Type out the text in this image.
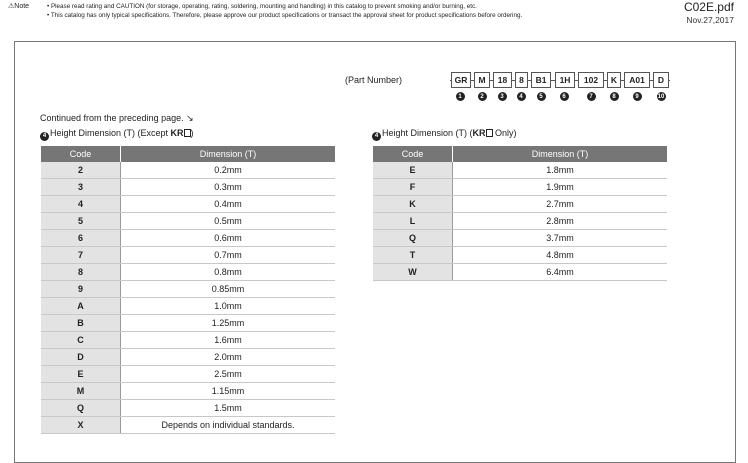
⚠Note	• Please read rating and CAUTION (for storage, operating, rating, soldering, mounting and handling) in this catalog to prevent smoking and/or burning, etc.
• This catalog has only typical specifications. Therefore, please approve our product specifications or transact the approval sheet for product specifications before ordering.
C02E.pdf
Nov.27,2017
(Part Number)	GR	M	18	8	B1	1H	102	K	A01	D
1	2	3	4	5	6	7	8	9	10
Continued from the preceding page. ↘
4 Height Dimension (T) (Except KR )	4 Height Dimension (T) (KR Only)
Code	Dimension (T)
2	0.2mm
3	0.3mm
4	0.4mm
5	0.5mm
6	0.6mm
7	0.7mm
8	0.8mm
9	0.85mm
A	1.0mm
B	1.25mm
C	1.6mm
D	2.0mm
E	2.5mm
M	1.15mm
Q	1.5mm
X	Depends on individual standards.
Code	Dimension (T)
E	1.8mm
F	1.9mm
K	2.7mm
L	2.8mm
Q	3.7mm
T	4.8mm
W	6.4mm
